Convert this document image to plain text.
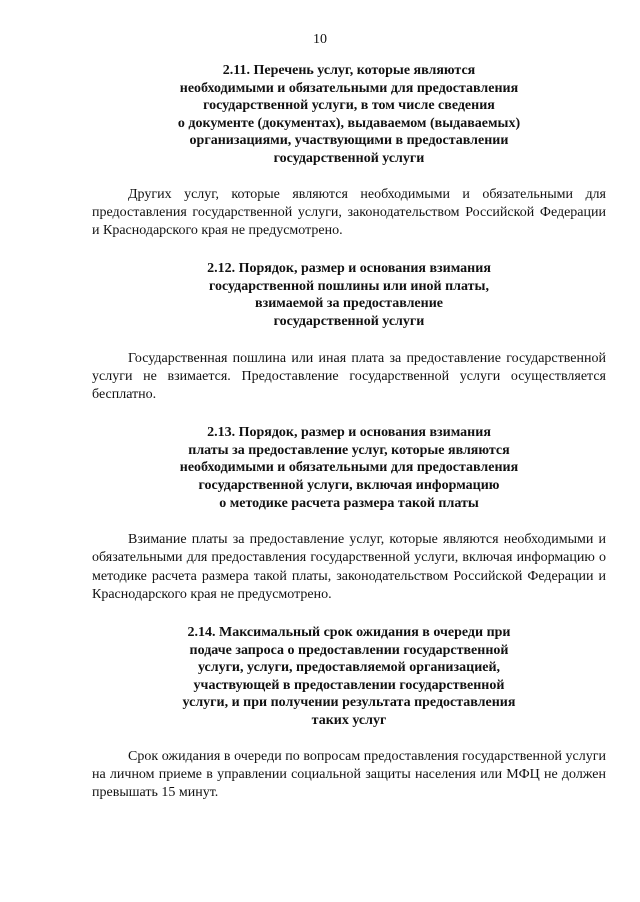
10
2.11. Перечень услуг, которые являются
необходимыми и обязательными для предоставления
государственной услуги, в том числе сведения
о документе (документах), выдаваемом (выдаваемых)
организациями, участвующими в предоставлении
государственной услуги

Других услуг, которые являются необходимыми и обязательными для предоставления государственной услуги, законодательством Российской Федерации и Краснодарского края не предусмотрено.

2.12. Порядок, размер и основания взимания
государственной пошлины или иной платы,
взимаемой за предоставление
государственной услуги

Государственная пошлина или иная плата за предоставление государственной услуги не взимается. Предоставление государственной услуги осуществляется бесплатно.

2.13. Порядок, размер и основания взимания
платы за предоставление услуг, которые являются
необходимыми и обязательными для предоставления
государственной услуги, включая информацию
о методике расчета размера такой платы

Взимание платы за предоставление услуг, которые являются необходимыми и обязательными для предоставления государственной услуги, включая информацию о методике расчета размера такой платы, законодательством Российской Федерации и Краснодарского края не предусмотрено.

2.14. Максимальный срок ожидания в очереди при
подаче запроса о предоставлении государственной
услуги, услуги, предоставляемой организацией,
участвующей в предоставлении государственной
услуги, и при получении результата предоставления
таких услуг

Срок ожидания в очереди по вопросам предоставления государственной услуги на личном приеме в управлении социальной защиты населения или МФЦ не должен превышать 15 минут.
